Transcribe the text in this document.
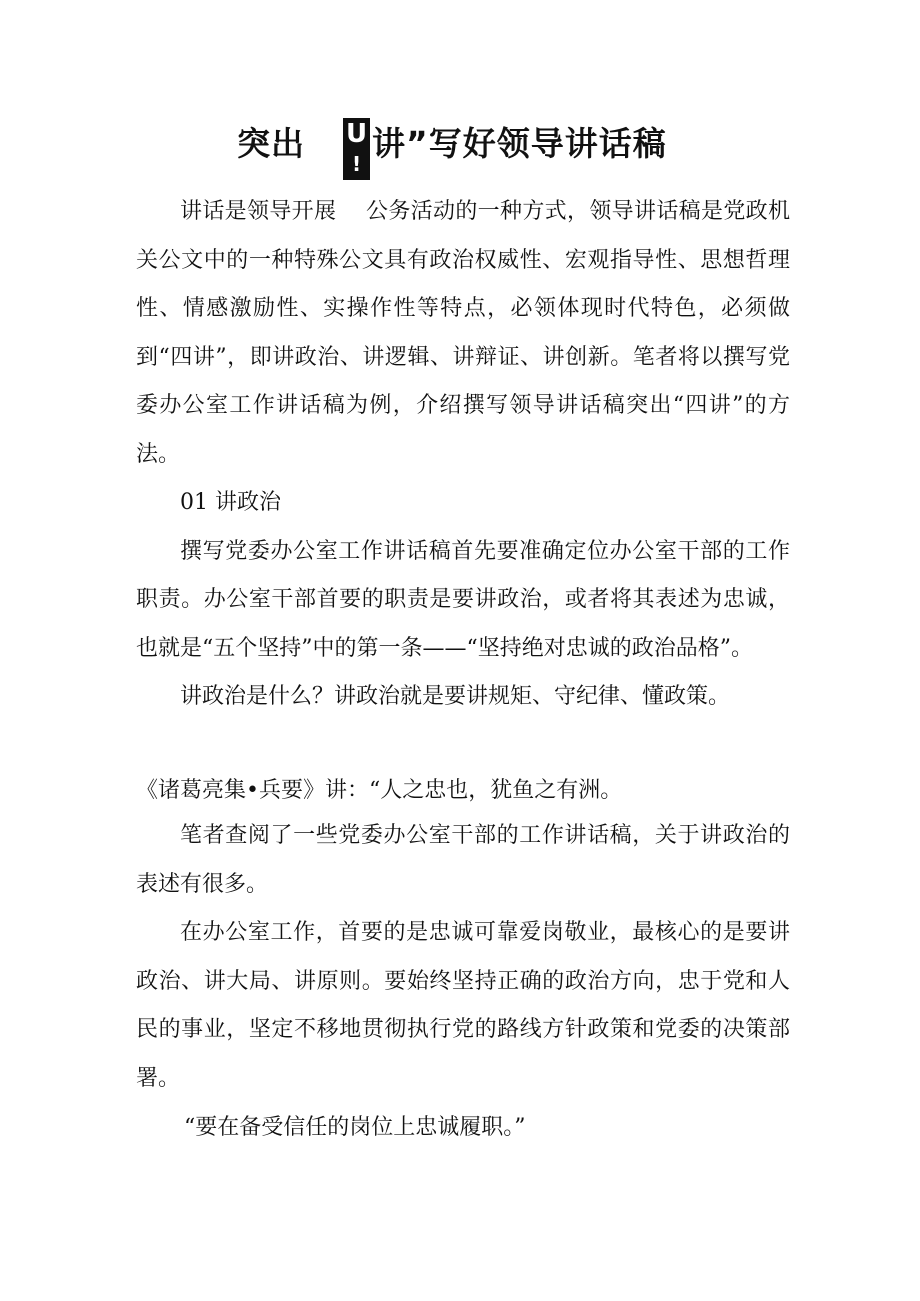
突出 U
!
讲”写好领导讲话稿

讲话是领导开展　 公务活动的一种方式，领导讲话稿是党政机关公文中的一种特殊公文具有政治权威性、宏观指导性、思想哲理性、情感激励性、实操作性等特点，必领体现时代特色，必须做到“四讲”，即讲政治、讲逻辑、讲辩证、讲创新。笔者将以撰写党委办公室工作讲话稿为例，介绍撰写领导讲话稿突出“四讲”的方法。

01 讲政治

撰写党委办公室工作讲话稿首先要准确定位办公室干部的工作职责。办公室干部首要的职责是要讲政治，或者将其表述为忠诚，也就是“五个坚持”中的第一条——“坚持绝对忠诚的政治品格”。

讲政治是什么？讲政治就是要讲规矩、守纪律、懂政策。

《诸葛亮集•兵要》讲：“人之忠也，犹鱼之有洲。

笔者查阅了一些党委办公室干部的工作讲话稿，关于讲政治的表述有很多。

在办公室工作，首要的是忠诚可靠爱岗敬业，最核心的是要讲政治、讲大局、讲原则。要始终坚持正确的政治方向，忠于党和人民的事业，坚定不移地贯彻执行党的路线方针政策和党委的决策部署。

“要在备受信任的岗位上忠诚履职。”
